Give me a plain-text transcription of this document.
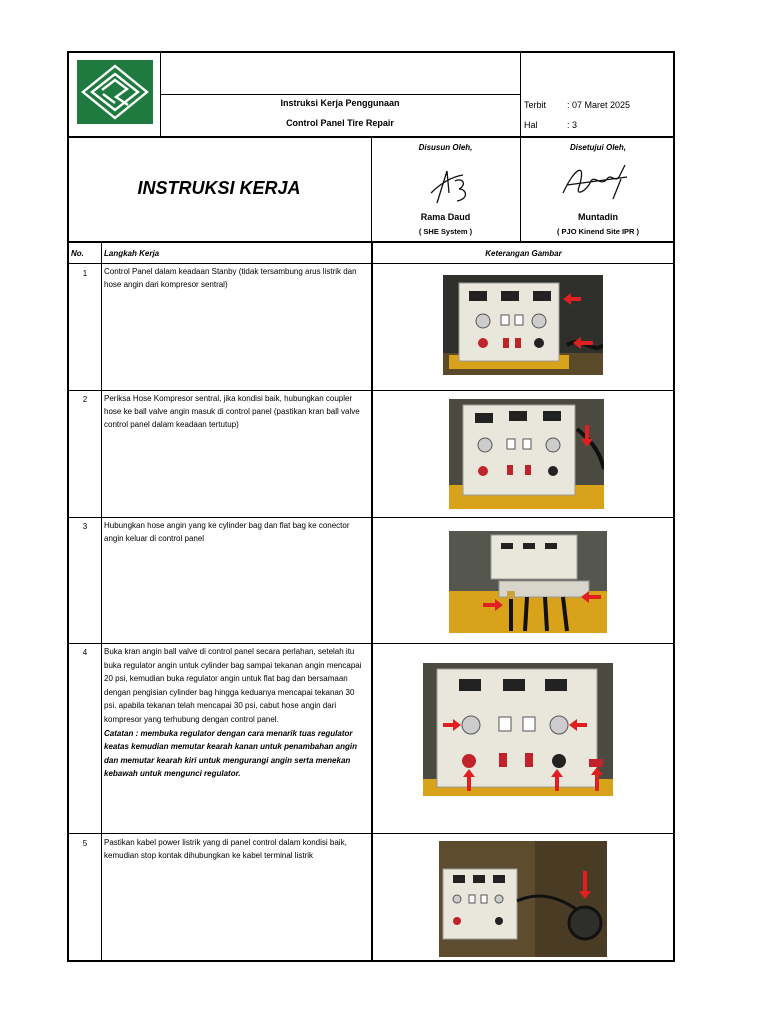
Instruksi Kerja Penggunaan
Control Panel Tire Repair
Terbit : 07 Maret 2025
Hal	: 3
INSTRUKSI KERJA
Disusun Oleh,
Rama Daud
( SHE System )
Disetujui Oleh,
Muntadin
( PJO Kinend Site IPR )
No.	Langkah Kerja	Keterangan Gambar
1	Control Panel dalam keadaan Stanby (tidak tersambung arus listrik dan hose angin dari kompresor sentral)
2	Periksa Hose Kompresor sentral, jika kondisi baik, hubungkan coupler hose ke ball valve angin masuk di control panel (pastikan kran ball valve control panel dalam keadaan tertutup)
3	Hubungkan hose angin yang ke cylinder bag dan flat bag ke conector angin keluar di control panel
4	Buka kran angin ball valve di control panel secara perlahan, setelah itu buka regulator angin untuk cylinder bag sampai tekanan angin mencapai 20 psi, kemudian buka regulator angin untuk flat bag dan bersamaan dengan pengisian cylinder bag hingga keduanya mencapai tekanan 30 psi. apabila tekanan telah mencapai 30 psi, cabut hose angin dari kompresor yang terhubung dengan control panel.
Catatan : membuka regulator dengan cara menarik tuas regulator keatas kemudian memutar kearah kanan untuk penambahan angin dan memutar kearah kiri untuk mengurangi angin serta menekan kebawah untuk mengunci regulator.
5	Pastikan kabel power listrik yang di panel control dalam kondisi baik, kemudian stop kontak dihubungkan ke kabel terminal listrik
